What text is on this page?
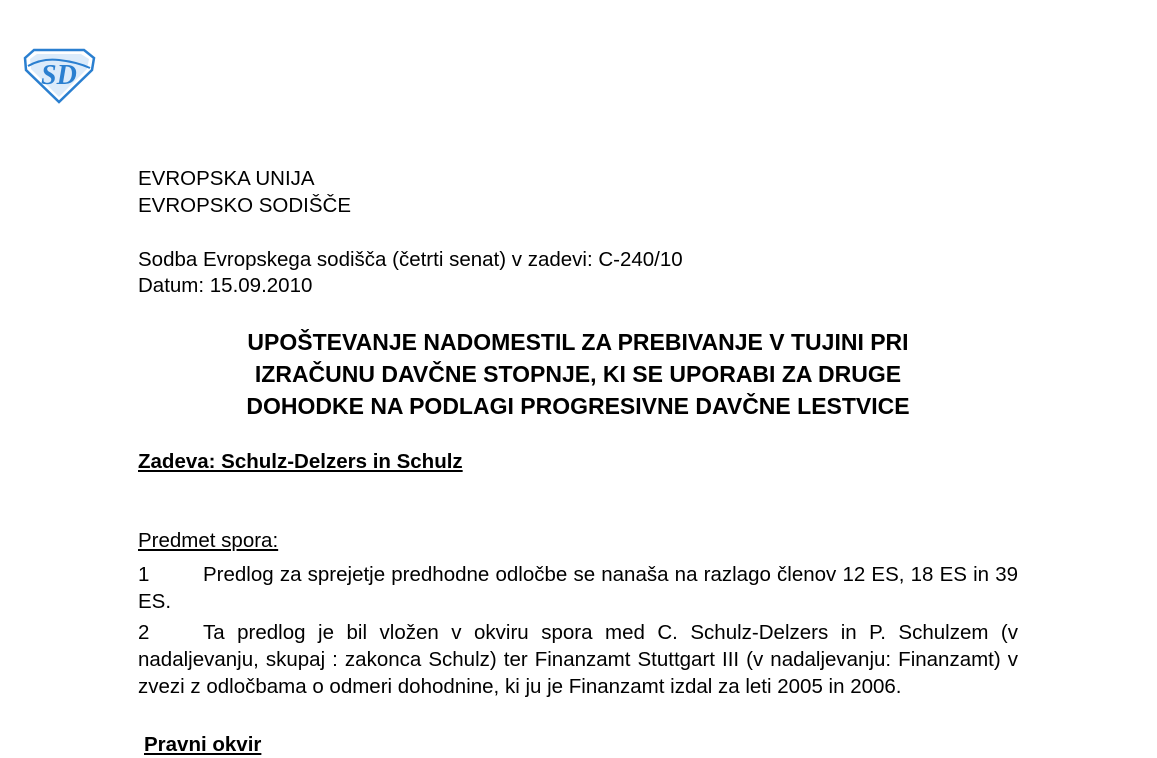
SD
EVROPSKA UNIJA
EVROPSKO SODIŠČE
Sodba Evropskega sodišča (četrti senat) v zadevi: C-240/10
Datum: 15.09.2010
UPOŠTEVANJE NADOMESTIL ZA PREBIVANJE V TUJINI PRI
IZRAČUNU DAVČNE STOPNJE, KI SE UPORABI ZA DRUGE
DOHODKE NA PODLAGI PROGRESIVNE DAVČNE LESTVICE
Zadeva: Schulz-Delzers in Schulz
Predmet spora:
1	Predlog za sprejetje predhodne odločbe se nanaša na razlago členov 12 ES, 18 ES in 39 ES.
2	Ta predlog je bil vložen v okviru spora med C. Schulz-Delzers in P. Schulzem (v nadaljevanju, skupaj : zakonca Schulz) ter Finanzamt Stuttgart III (v nadaljevanju: Finanzamt) v zvezi z odločbama o odmeri dohodnine, ki ju je Finanzamt izdal za leti 2005 in 2006.
Pravni okvir
